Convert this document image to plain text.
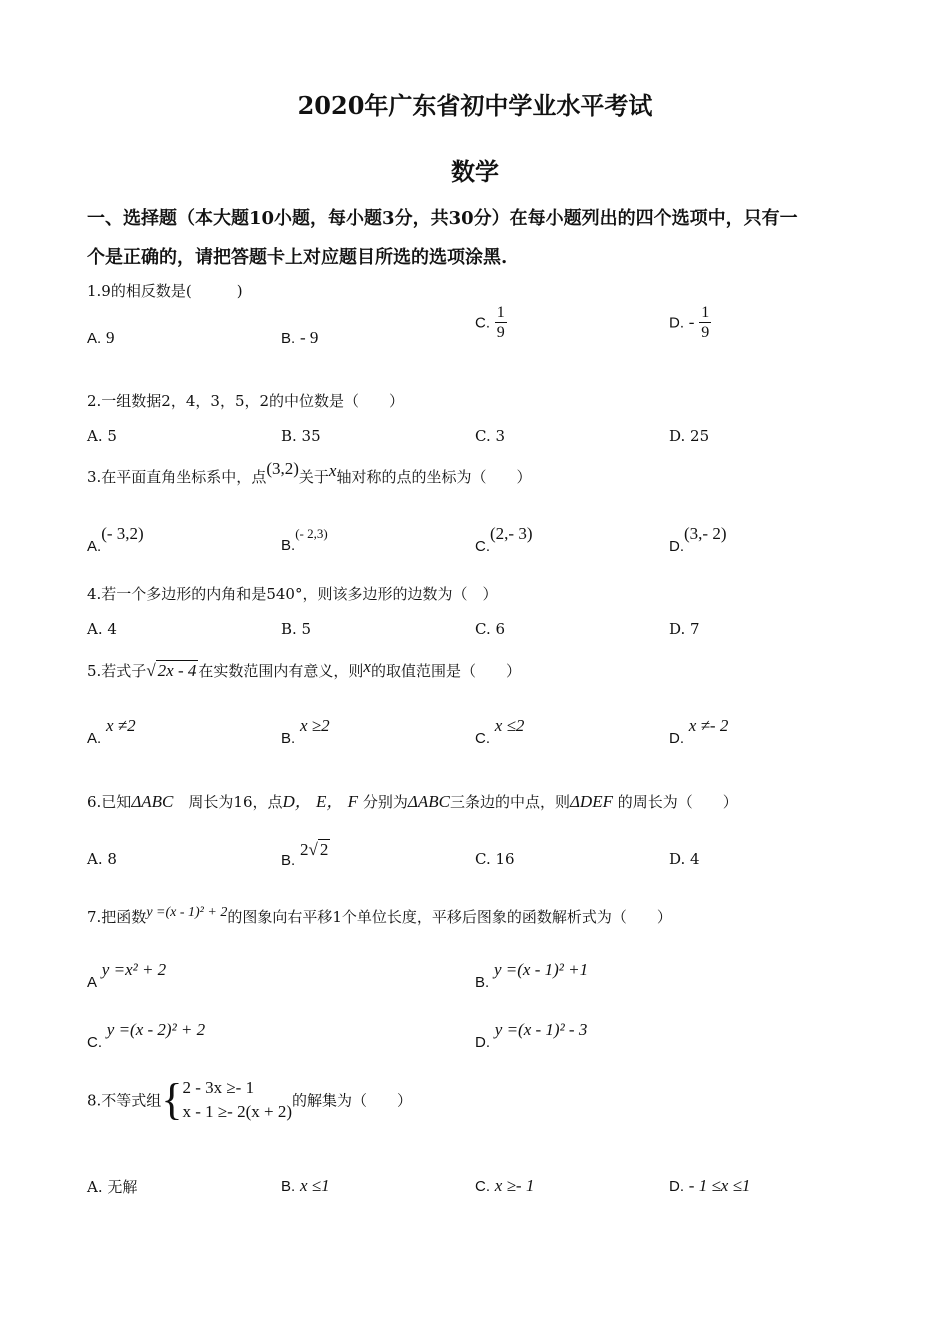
2020年广东省初中学业水平考试
数学
一、选择题（本大题10小题，每小题3分，共30分）在每小题列出的四个选项中，只有一
个是正确的，请把答题卡上对应题目所选的选项涂黑.
1.9的相反数是(　　　)
A. 9	B. - 9
C. $\frac{1}{9}$	D. - $\frac{1}{9}$
2.一组数据2，4，3，5，2的中位数是（　　）
A. 5	B. 35	C. 3	D. 25
3.在平面直角坐标系中，点(3,2)关于x轴对称的点的坐标为（　　）
A.(- 3,2)
B.(- 2,3)
C.(2,- 3)
D.(3,- 2)
4.若一个多边形的内角和是540°，则该多边形的边数为（　）
A. 4	B. 5	C. 6	D. 7
5.若式子√ 2x - 4 在实数范围内有意义，则x的取值范围是（　　）
A. x ≠2
B. x ≥2
C. x ≤2
D. x ≠- 2
6.已知ΔABC　周长为16，点D， E， F 分别为ΔABC三条边的中点，则ΔDEF 的周长为（　　）
A. 8	B. 2√ 2	C. 16	D. 4
7.把函数y =(x - 1)² + 2的图象向右平移1个单位长度，平移后图象的函数解析式为（　　）
A y =x² + 2
B. y =(x - 1)² +1
C. y =(x - 2)² + 2
D. y =(x - 1)² - 3
8.不等式组{ 2 - 3x ≥- 1
x - 1 ≥- 2(x + 2)
的解集为（　　）
A. 无解	B. x ≤1	C. x ≥- 1	D. - 1 ≤x ≤1
